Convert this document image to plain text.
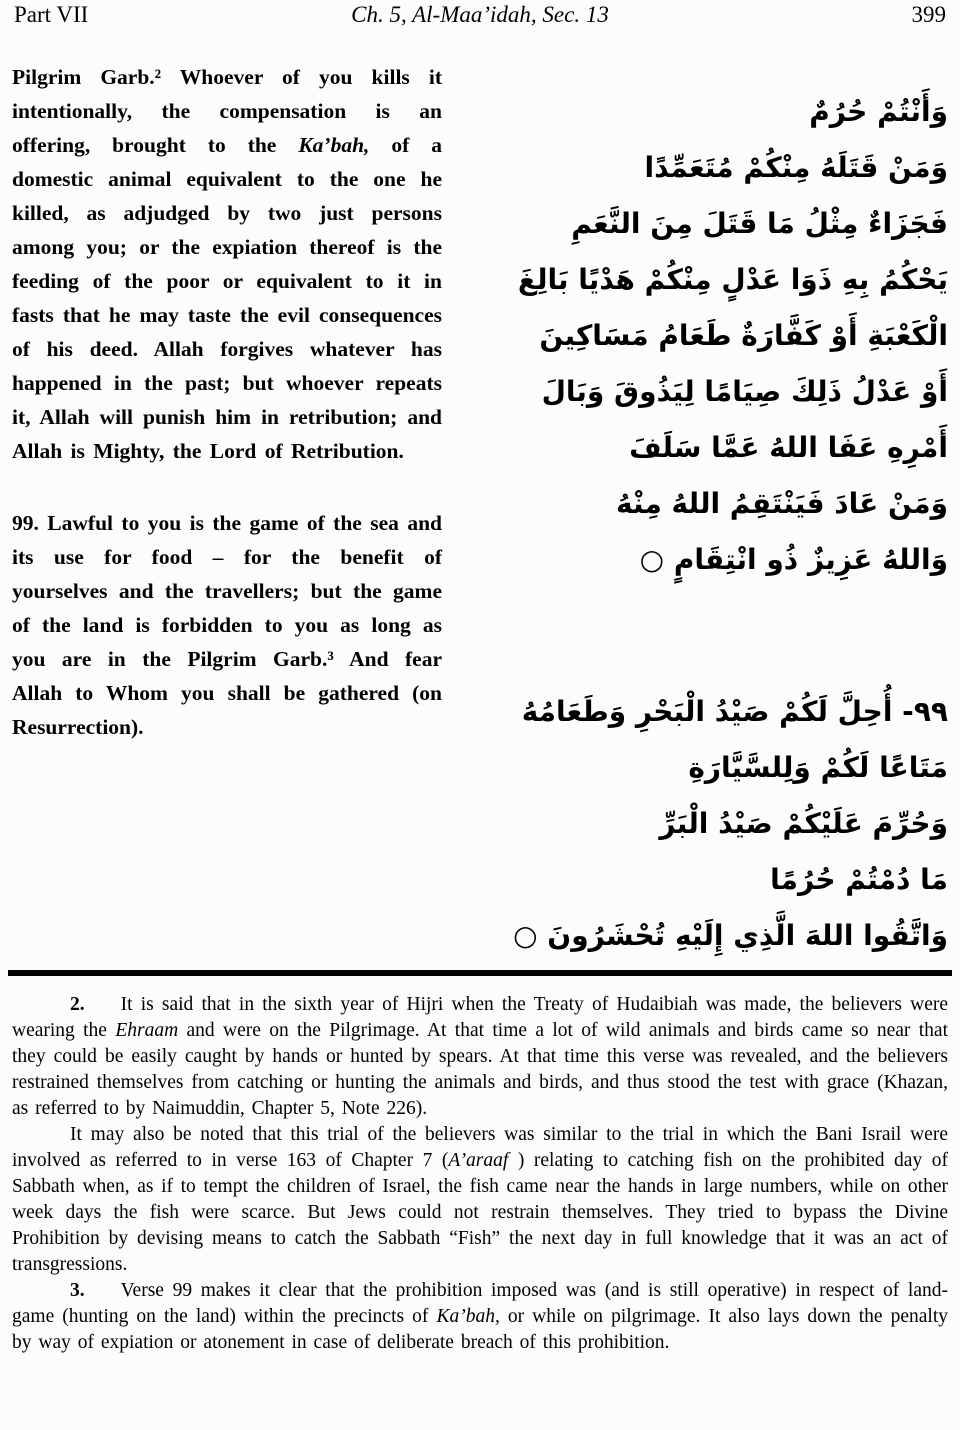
Part VII	Ch. 5, Al-Maa’idah, Sec. 13	399

Pilgrim Garb.² Whoever of you kills it intentionally, the compensation is an offering, brought to the Ka’bah, of a domestic animal equivalent to the one he killed, as adjudged by two just persons among you; or the expiation thereof is the feeding of the poor or equivalent to it in fasts that he may taste the evil consequences of his deed. Allah forgives whatever has happened in the past; but whoever repeats it, Allah will punish him in retribution; and Allah is Mighty, the Lord of Retribution.

99. Lawful to you is the game of the sea and its use for food – for the benefit of yourselves and the travellers; but the game of the land is forbidden to you as long as you are in the Pilgrim Garb.³ And fear Allah to Whom you shall be gathered (on Resurrection).

وَأَنْتُمْ حُرُمٌ
وَمَنْ قَتَلَهُ مِنْكُمْ مُتَعَمِّدًا
فَجَزَاءٌ مِثْلُ مَا قَتَلَ مِنَ النَّعَمِ
يَحْكُمُ بِهِ ذَوَا عَدْلٍ مِنْكُمْ هَدْيًا بَالِغَ
الْكَعْبَةِ أَوْ كَفَّارَةٌ طَعَامُ مَسَاكِينَ
أَوْ عَدْلُ ذَلِكَ صِيَامًا لِيَذُوقَ وَبَالَ
أَمْرِهِ عَفَا اللهُ عَمَّا سَلَفَ
وَمَنْ عَادَ فَيَنْتَقِمُ اللهُ مِنْهُ
وَاللهُ عَزِيزٌ ذُو انْتِقَامٍ ○
٩٩- أُحِلَّ لَكُمْ صَيْدُ الْبَحْرِ وَطَعَامُهُ
مَتَاعًا لَكُمْ وَلِلسَّيَّارَةِ
وَحُرِّمَ عَلَيْكُمْ صَيْدُ الْبَرِّ
مَا دُمْتُمْ حُرُمًا
وَاتَّقُوا اللهَ الَّذِي إِلَيْهِ تُحْشَرُونَ ○

2. It is said that in the sixth year of Hijri when the Treaty of Hudaibiah was made, the believers were wearing the Ehraam and were on the Pilgrimage. At that time a lot of wild animals and birds came so near that they could be easily caught by hands or hunted by spears. At that time this verse was revealed, and the believers restrained themselves from catching or hunting the animals and birds, and thus stood the test with grace (Khazan, as referred to by Naimuddin, Chapter 5, Note 226).

It may also be noted that this trial of the believers was similar to the trial in which the Bani Israil were involved as referred to in verse 163 of Chapter 7 (A’araaf ) relating to catching fish on the prohibited day of Sabbath when, as if to tempt the children of Israel, the fish came near the hands in large numbers, while on other week days the fish were scarce. But Jews could not restrain themselves. They tried to bypass the Divine Prohibition by devising means to catch the Sabbath “Fish” the next day in full knowledge that it was an act of transgressions.

3. Verse 99 makes it clear that the prohibition imposed was (and is still operative) in respect of land-game (hunting on the land) within the precincts of Ka’bah, or while on pilgrimage. It also lays down the penalty by way of expiation or atonement in case of deliberate breach of this prohibition.
